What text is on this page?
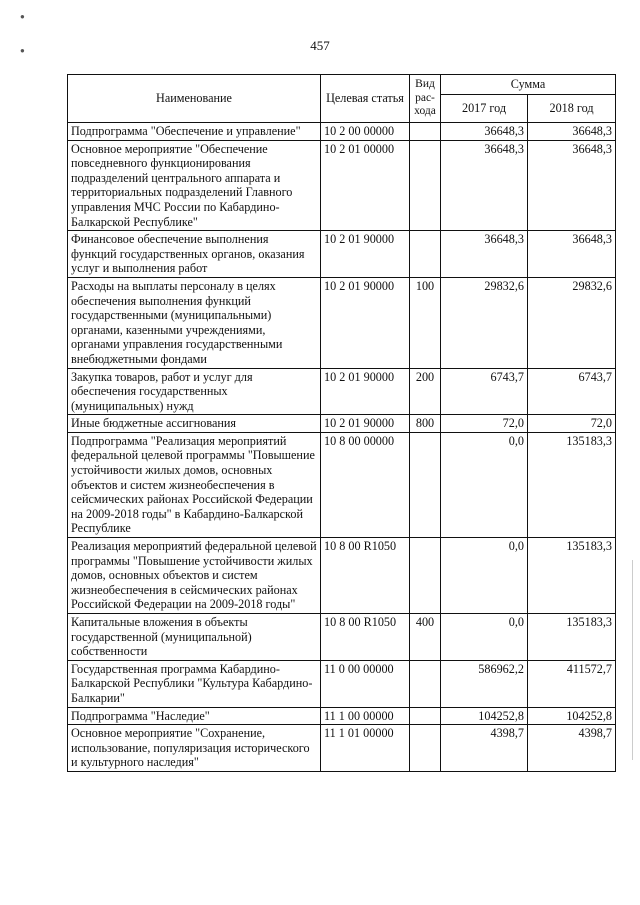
●
●	457
Наименование	Целевая статья	Вид рас-хода	Сумма	
			2017 год	2018 год
Подпрограмма "Обеспечение и управление"	10 2 00 00000		36648,3	36648,3
Основное мероприятие "Обеспечение повседневного функционирования подразделений центрального аппарата и территориальных подразделений Главного управления МЧС России по Кабардино-Балкарской Республике"	10 2 01 00000		36648,3	36648,3
Финансовое обеспечение выполнения функций государственных органов, оказания услуг и выполнения работ	10 2 01 90000		36648,3	36648,3
Расходы на выплаты персоналу в целях обеспечения выполнения функций государственными (муниципальными) органами, казенными учреждениями, органами управления государственными внебюджетными фондами	10 2 01 90000	100	29832,6	29832,6
Закупка товаров, работ и услуг для обеспечения государственных (муниципальных) нужд	10 2 01 90000	200	6743,7	6743,7
Иные бюджетные ассигнования	10 2 01 90000	800	72,0	72,0
Подпрограмма "Реализация мероприятий федеральной целевой программы "Повышение устойчивости жилых домов, основных объектов и систем жизнеобеспечения в сейсмических районах Российской Федерации на 2009-2018 годы" в Кабардино-Балкарской Республике	10 8 00 00000		0,0	135183,3
Реализация мероприятий федеральной целевой программы "Повышение устойчивости жилых домов, основных объектов и систем жизнеобеспечения в сейсмических районах Российской Федерации на 2009-2018 годы"	10 8 00 R1050		0,0	135183,3
Капитальные вложения в объекты государственной (муниципальной) собственности	10 8 00 R1050	400	0,0	135183,3
Государственная программа Кабардино-Балкарской Республики "Культура Кабардино-Балкарии"	11 0 00 00000		586962,2	411572,7
Подпрограмма "Наследие"	11 1 00 00000		104252,8	104252,8
Основное мероприятие "Сохранение, использование, популяризация исторического и культурного наследия"	11 1 01 00000		4398,7	4398,7
